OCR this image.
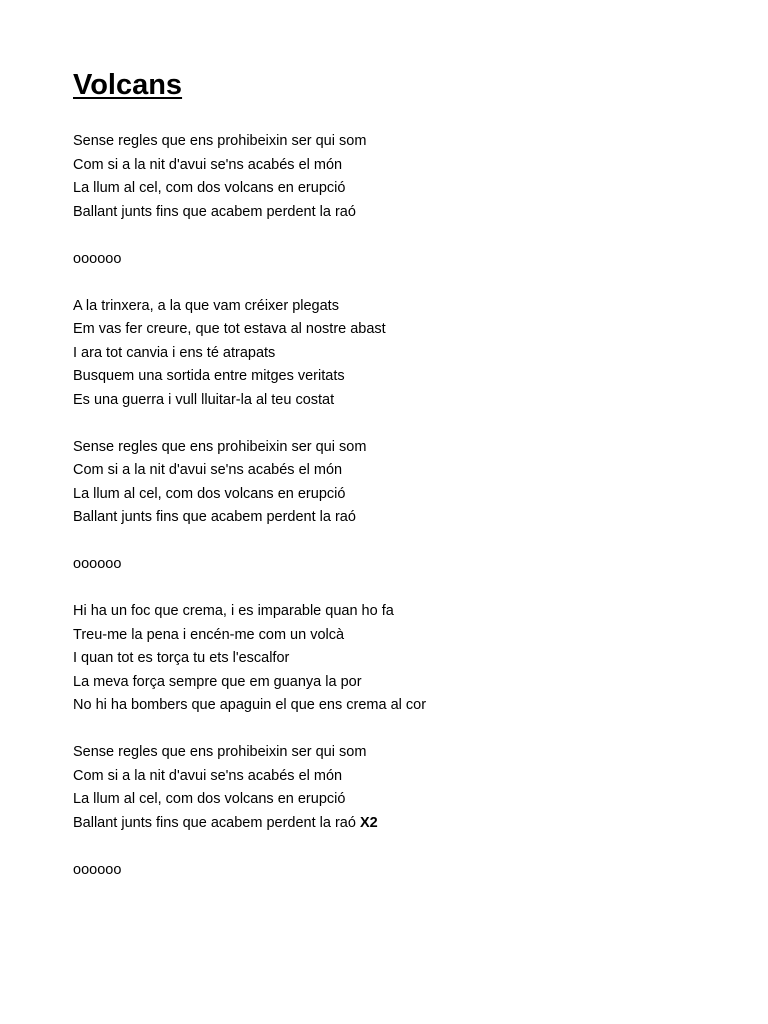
Volcans
Sense regles que ens prohibeixin ser qui som
Com si a la nit d'avui se'ns acabés el món
La llum al cel, com dos volcans en erupció
Ballant junts fins que acabem perdent la raó
oooooo
A la trinxera, a la que vam créixer plegats
Em vas fer creure, que tot estava al nostre abast
I ara tot canvia i ens té atrapats
Busquem una sortida entre mitges veritats
Es una guerra i vull lluitar-la al teu costat
Sense regles que ens prohibeixin ser qui som
Com si a la nit d'avui se'ns acabés el món
La llum al cel, com dos volcans en erupció
Ballant junts fins que acabem perdent la raó
oooooo
Hi ha un foc que crema, i es imparable quan ho fa
Treu-me la pena i encén-me com un volcà
I quan tot es torça tu ets l'escalfor
La meva força sempre que em guanya la por
No hi ha bombers que apaguin el que ens crema al cor
Sense regles que ens prohibeixin ser qui som
Com si a la nit d'avui se'ns acabés el món
La llum al cel, com dos volcans en erupció
Ballant junts fins que acabem perdent la raó X2
oooooo
